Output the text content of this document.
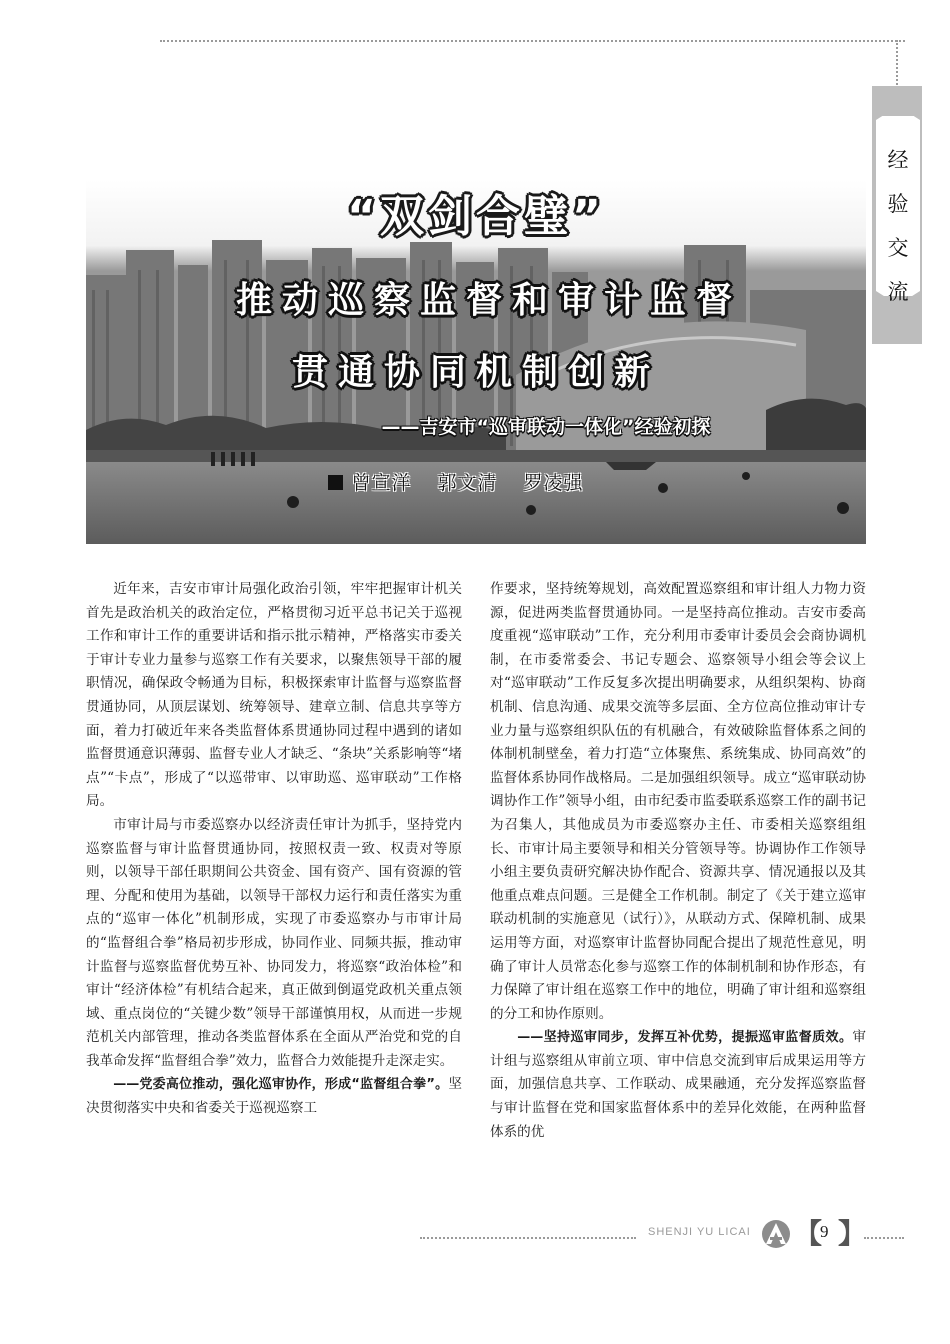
经
验
交
流
“双剑合璧”
推动巡察监督和审计监督
贯通协同机制创新
——吉安市“巡审联动一体化”经验初探
曾宣洋 郭文清 罗凌强

近年来，吉安市审计局强化政治引领，牢牢把握审计机关首先是政治机关的政治定位，严格贯彻习近平总书记关于巡视工作和审计工作的重要讲话和指示批示精神，严格落实市委关于审计专业力量参与巡察工作有关要求，以聚焦领导干部的履职情况，确保政令畅通为目标，积极探索审计监督与巡察监督贯通协同，从顶层谋划、统筹领导、建章立制、信息共享等方面，着力打破近年来各类监督体系贯通协同过程中遇到的诸如监督贯通意识薄弱、监督专业人才缺乏、“条块”关系影响等“堵点”“卡点”，形成了“以巡带审、以审助巡、巡审联动”工作格局。

市审计局与市委巡察办以经济责任审计为抓手，坚持党内巡察监督与审计监督贯通协同，按照权责一致、权责对等原则，以领导干部任职期间公共资金、国有资产、国有资源的管理、分配和使用为基础，以领导干部权力运行和责任落实为重点的“巡审一体化”机制形成，实现了市委巡察办与市审计局的“监督组合拳”格局初步形成，协同作业、同频共振，推动审计监督与巡察监督优势互补、协同发力，将巡察“政治体检”和审计“经济体检”有机结合起来，真正做到倒逼党政机关重点领域、重点岗位的“关键少数”领导干部谨慎用权，从而进一步规范机关内部管理，推动各类监督体系在全面从严治党和党的自我革命发挥“监督组合拳”效力，监督合力效能提升走深走实。

——党委高位推动，强化巡审协作，形成“监督组合拳”。坚决贯彻落实中央和省委关于巡视巡察工

作要求，坚持统筹规划，高效配置巡察组和审计组人力物力资源，促进两类监督贯通协同。一是坚持高位推动。吉安市委高度重视“巡审联动”工作，充分利用市委审计委员会会商协调机制，在市委常委会、书记专题会、巡察领导小组会等会议上对“巡审联动”工作反复多次提出明确要求，从组织架构、协商机制、信息沟通、成果交流等多层面、全方位高位推动审计专业力量与巡察组织队伍的有机融合，有效破除监督体系之间的体制机制壁垒，着力打造“立体聚焦、系统集成、协同高效”的监督体系协同作战格局。二是加强组织领导。成立“巡审联动协调协作工作”领导小组，由市纪委市监委联系巡察工作的副书记为召集人，其他成员为市委巡察办主任、市委相关巡察组组长、市审计局主要领导和相关分管领导等。协调协作工作领导小组主要负责研究解决协作配合、资源共享、情况通报以及其他重点难点问题。三是健全工作机制。制定了《关于建立巡审联动机制的实施意见（试行）》，从联动方式、保障机制、成果运用等方面，对巡察审计监督协同配合提出了规范性意见，明确了审计人员常态化参与巡察工作的体制机制和协作形态，有力保障了审计组在巡察工作中的地位，明确了审计组和巡察组的分工和协作原则。

——坚持巡审同步，发挥互补优势，提振巡审监督质效。审计组与巡察组从审前立项、审中信息交流到审后成果运用等方面，加强信息共享、工作联动、成果融通，充分发挥巡察监督与审计监督在党和国家监督体系中的差异化效能，在两种监督体系的优

SHENJI YU LICAI 【
9 】
